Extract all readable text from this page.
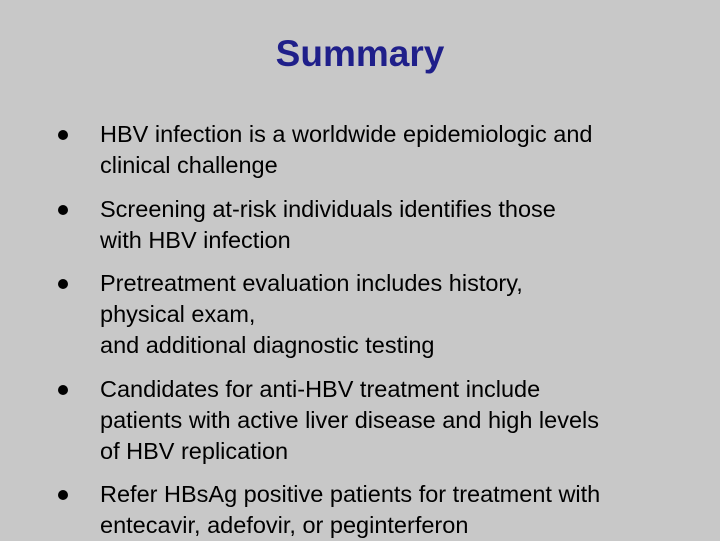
Summary
HBV infection is a worldwide epidemiologic and
clinical challenge
Screening at-risk individuals identifies those
with HBV infection
Pretreatment evaluation includes history,
physical exam,
and additional diagnostic testing
Candidates for anti-HBV treatment include
patients with active liver disease and high levels
of HBV replication
Refer HBsAg positive patients for treatment with
entecavir, adefovir, or peginterferon
